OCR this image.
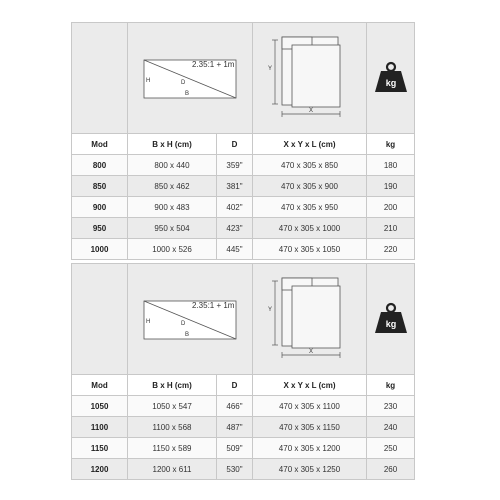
2.35:1 + 1m
H D
B		Y
X	kg

Mod	B x H (cm)	D	X x Y x L (cm)	kg
800	800 x 440	359"	470 x 305 x 850	180
850	850 x 462	381"	470 x 305 x 900	190
900	900 x 483	402"	470 x 305 x 950	200
950	950 x 504	423"	470 x 305 x 1000	210
1000	1000 x 526	445"	470 x 305 x 1050	220

2.35:1 + 1m
H D
B		Y
X	kg

Mod	B x H (cm)	D	X x Y x L (cm)	kg
1050	1050 x 547	466"	470 x 305 x 1100	230
1100	1100 x 568	487"	470 x 305 x 1150	240
1150	1150 x 589	509"	470 x 305 x 1200	250
1200	1200 x 611	530"	470 x 305 x 1250	260
